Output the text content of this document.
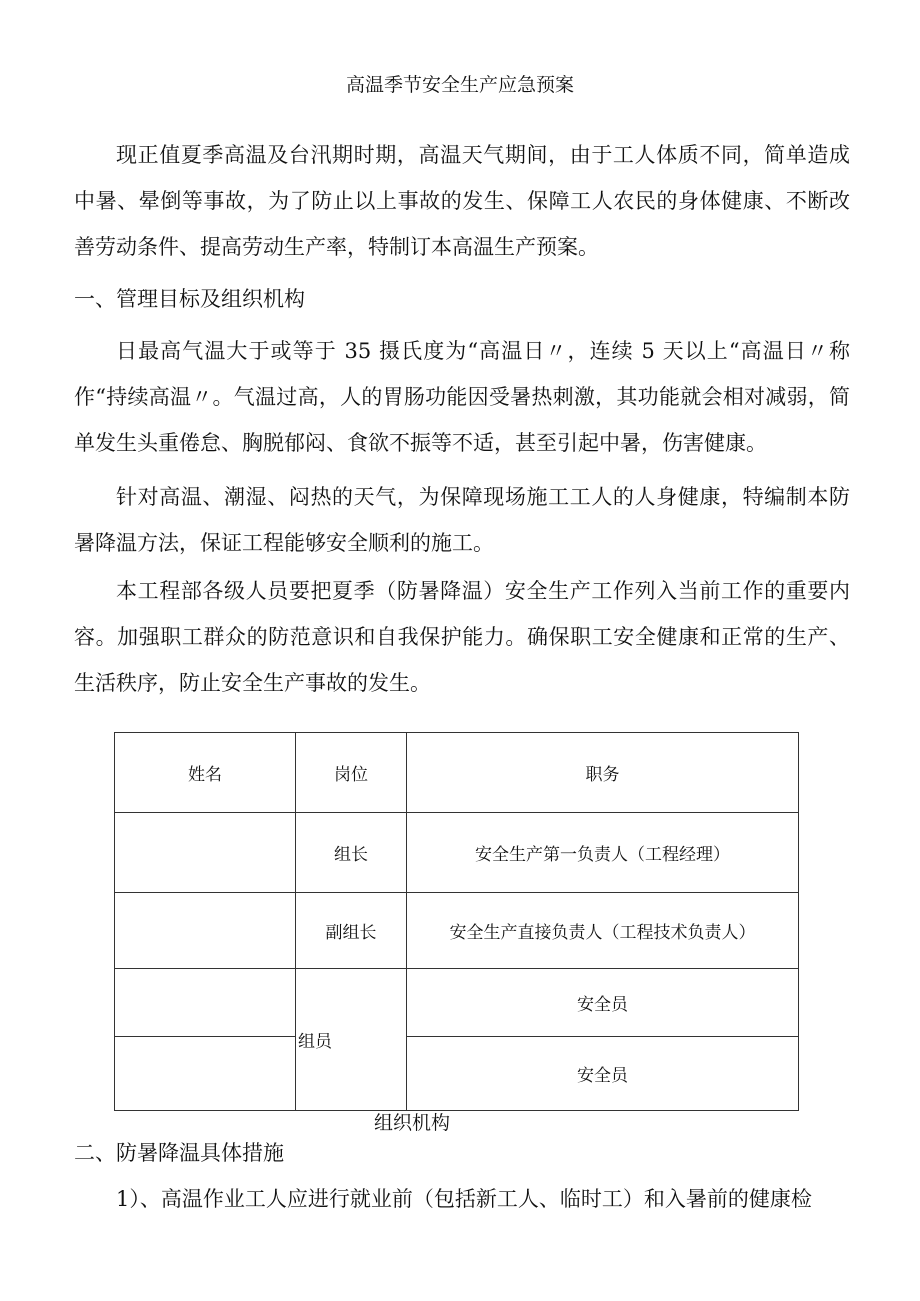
高温季节安全生产应急预案

现正值夏季高温及台汛期时期，高温天气期间，由于工人体质不同，简单造成中暑、晕倒等事故，为了防止以上事故的发生、保障工人农民的身体健康、不断改善劳动条件、提高劳动生产率，特制订本高温生产预案。

一、管理目标及组织机构

日最高气温大于或等于 35 摄氏度为“高温日〃，连续 5 天以上“高温日〃称作“持续高温〃。气温过高，人的胃肠功能因受暑热刺激，其功能就会相对减弱，简单发生头重倦怠、胸脱郁闷、食欲不振等不适，甚至引起中暑，伤害健康。

针对高温、潮湿、闷热的天气，为保障现场施工工人的人身健康，特编制本防暑降温方法，保证工程能够安全顺利的施工。

本工程部各级人员要把夏季（防暑降温）安全生产工作列入当前工作的重要内容。加强职工群众的防范意识和自我保护能力。确保职工安全健康和正常的生产、生活秩序，防止安全生产事故的发生。

姓名	岗位	职务
	组长	安全生产第一负责人（工程经理）
	副组长	安全生产直接负责人（工程技术负责人）
	组员	安全员
		安全员
组织机构

二、防暑降温具体措施

1）、高温作业工人应进行就业前（包括新工人、临时工）和入暑前的健康检
